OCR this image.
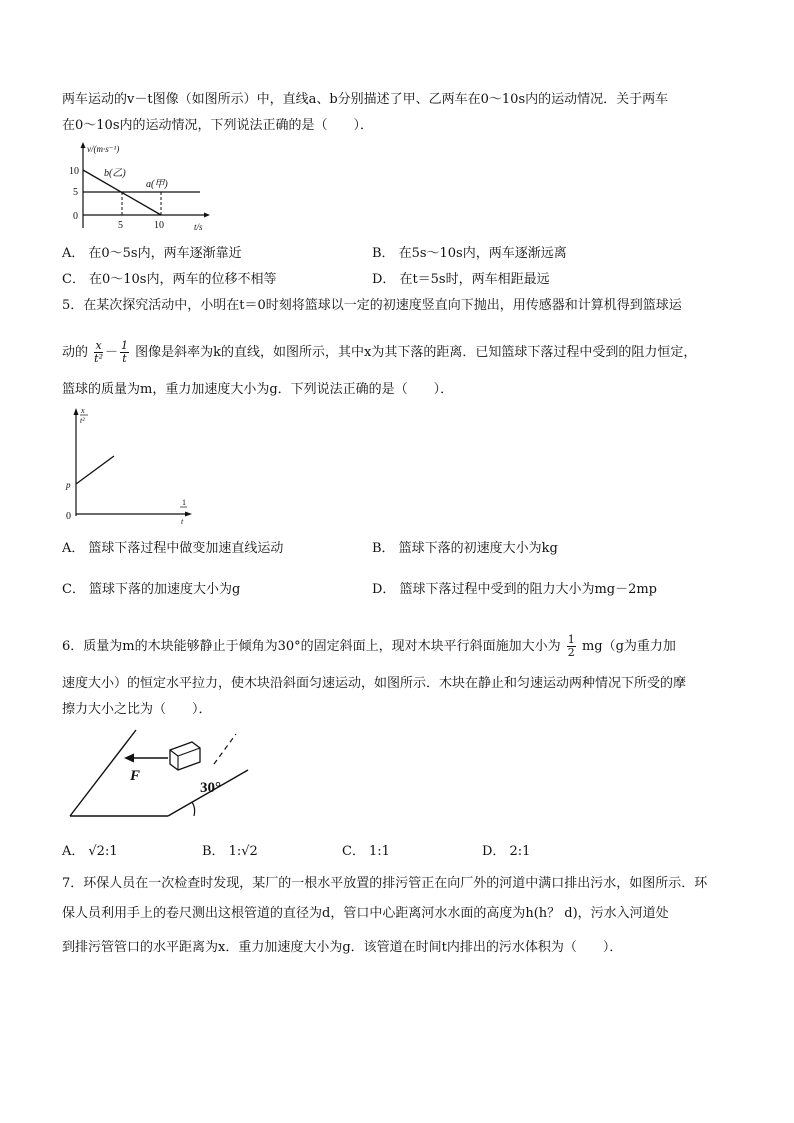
两车运动的v－t图像（如图所示）中，直线a、b分别描述了甲、乙两车在0～10s内的运动情况．关于两车
在0～10s内的运动情况，下列说法正确的是（　　）．
v/(m·s⁻¹)
10
5
0
b(乙)
a(甲)
5	10	t/s
A． 在0～5s内，两车逐渐靠近	B． 在5s～10s内，两车逐渐远离
C． 在0～10s内，两车的位移不相等	D． 在t＝5s时，两车相距最远
5．在某次探究活动中，小明在t＝0时刻将篮球以一定的初速度竖直向下抛出，用传感器和计算机得到篮球运
动的 $\frac{x}{\text{t²}} - \frac{1}{t}$ 图像是斜率为k的直线，如图所示，其中x为其下落的距离．已知篮球下落过程中受到的阻力恒定，
篮球的质量为m，重力加速度大小为g．下列说法正确的是（　　）．
x
t²
1
t
p
0
A． 篮球下落过程中做变加速直线运动	B． 篮球下落的初速度大小为kg
C． 篮球下落的加速度大小为g	D． 篮球下落过程中受到的阻力大小为mg－2mp
6．质量为m的木块能够静止于倾角为30°的固定斜面上，现对木块平行斜面施加大小为 $\frac{1}{2} mg(g$为重力加
速度大小）的恒定水平拉力，使木块沿斜面匀速运动，如图所示．木块在静止和匀速运动两种情况下所受的摩
擦力大小之比为（　　）．
30°
F
A． √2:1	B． 1:√2	C． 1:1	D． 2:1
7．环保人员在一次检查时发现，某厂的一根水平放置的排污管正在向厂外的河道中满口排出污水，如图所示．环
保人员利用手上的卷尺测出这根管道的直径为d，管口中心距离河水水面的高度为h(h？ d)，污水入河道处
到排污管管口的水平距离为x．重力加速度大小为g．该管道在时间t内排出的污水体积为（　　）．
